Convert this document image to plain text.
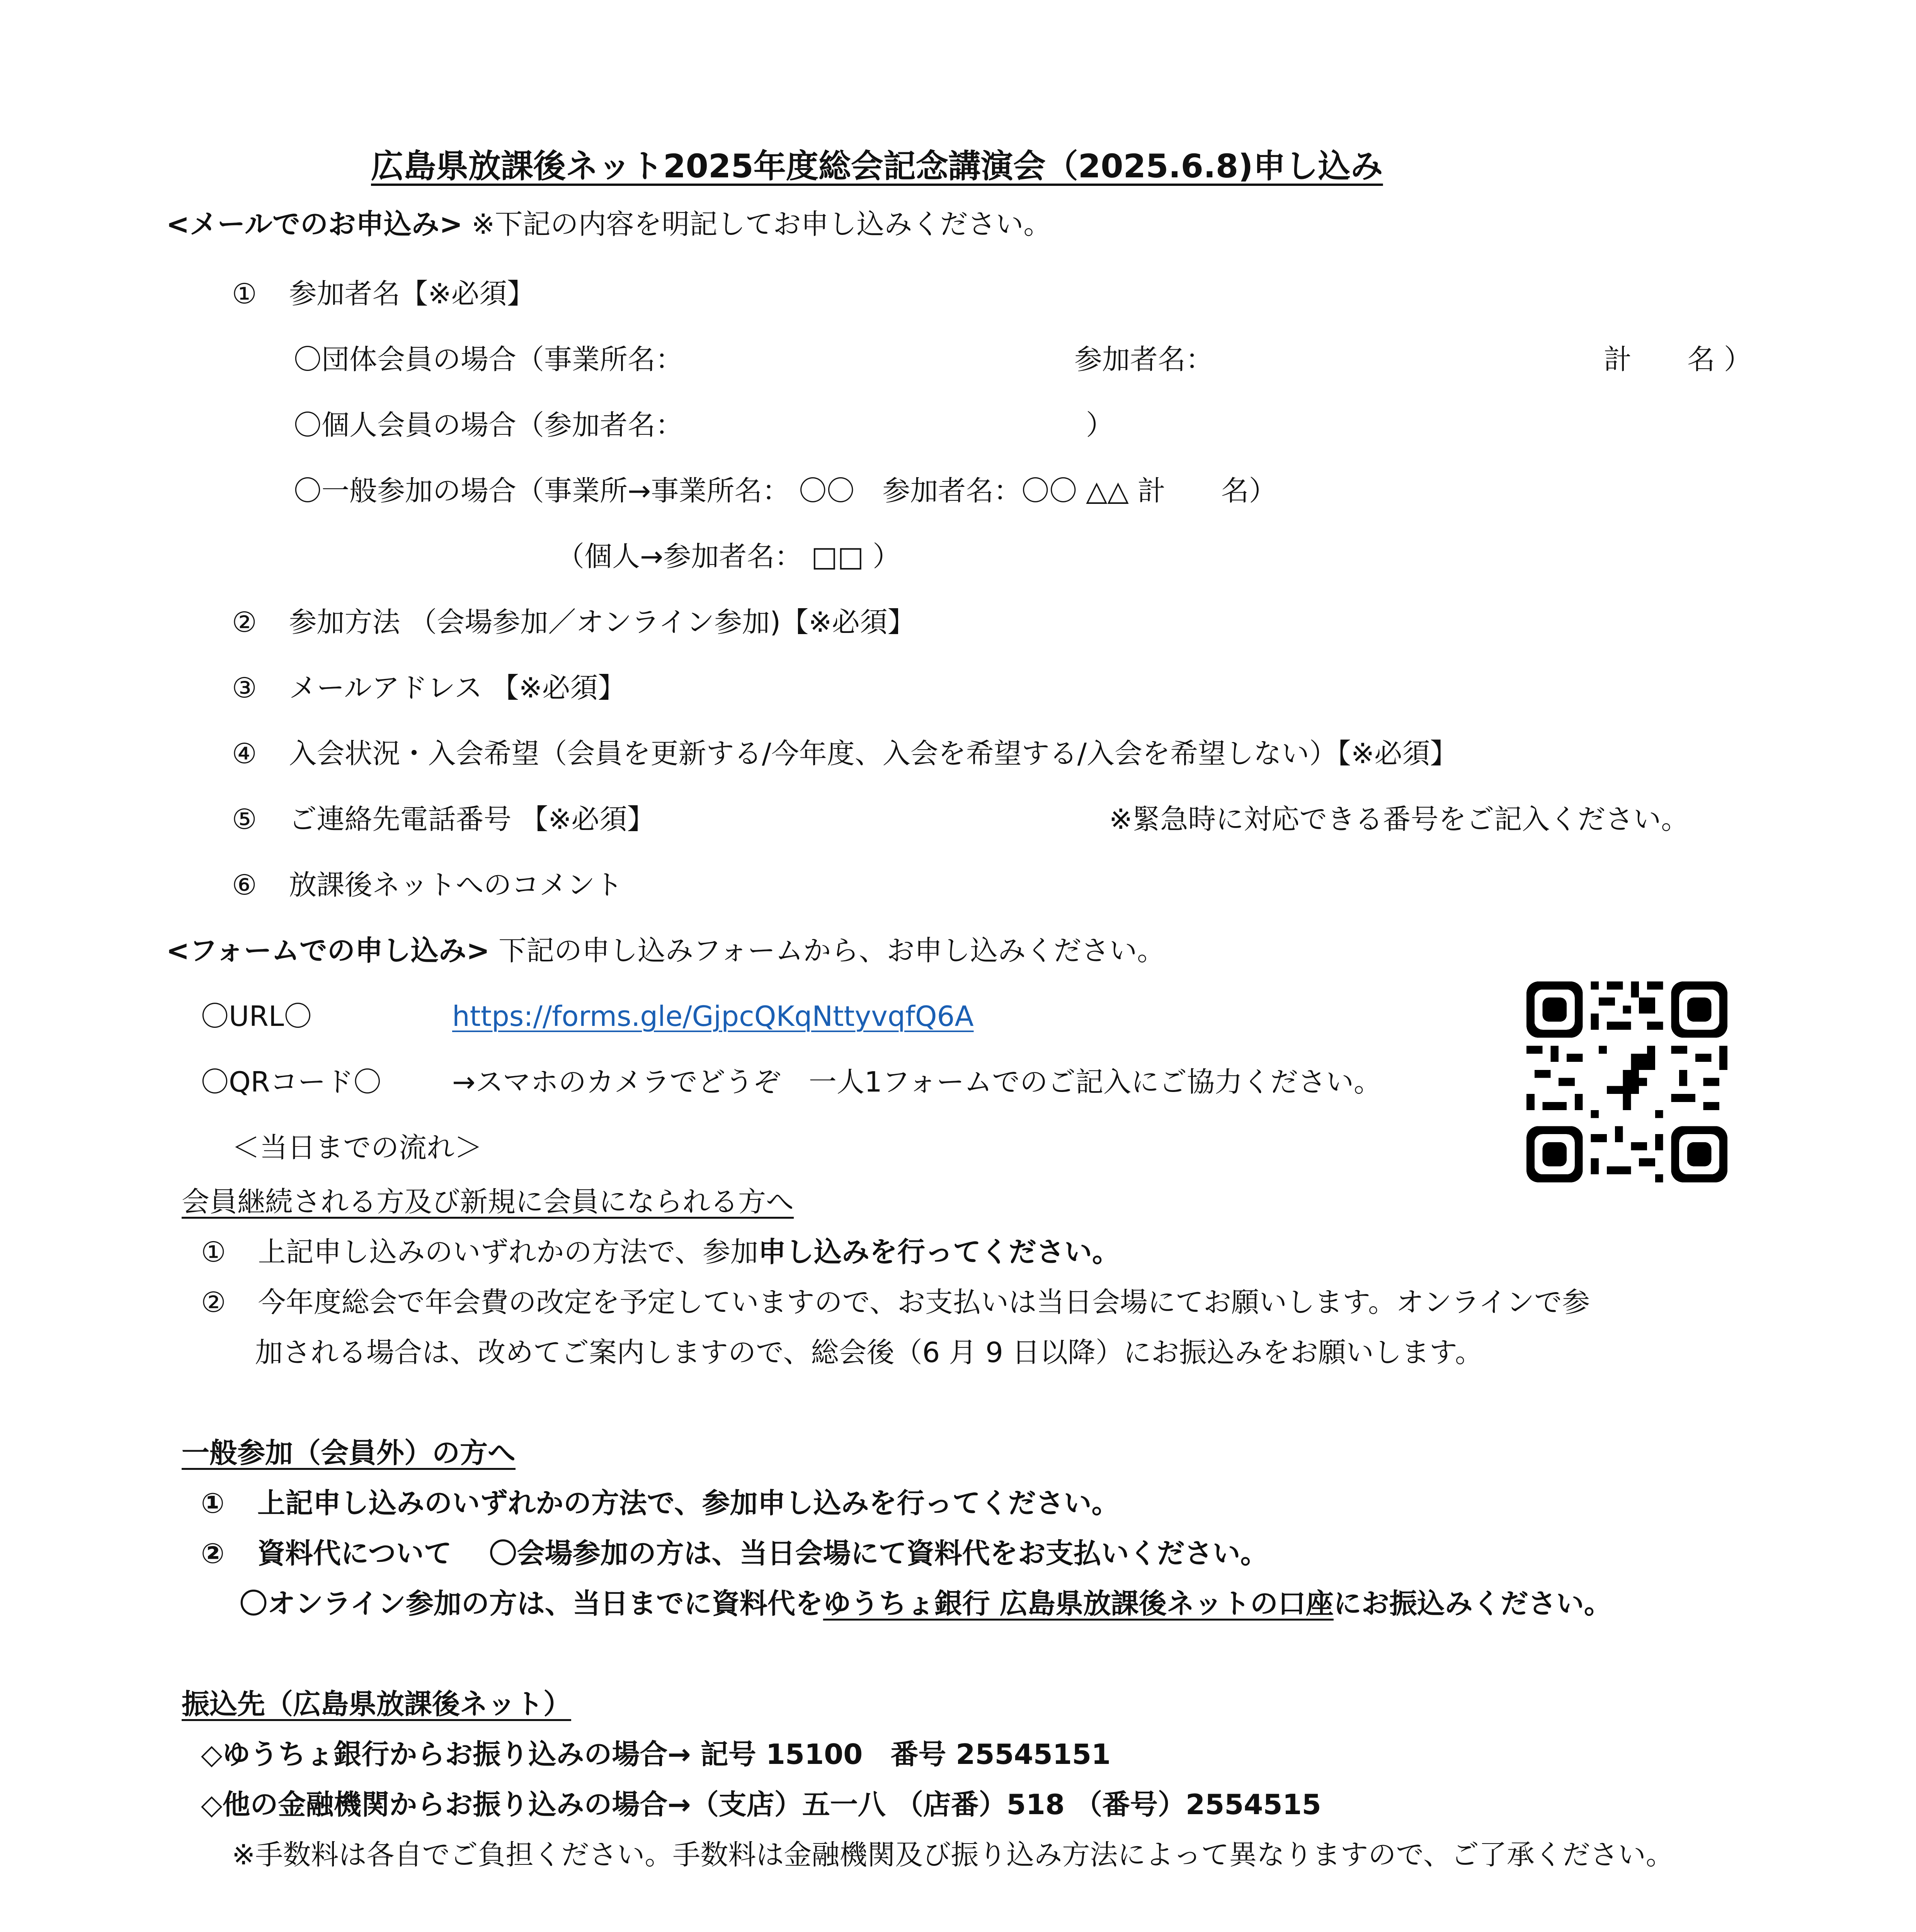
広島県放課後ネット2025年度総会記念講演会（2025.6.8)申し込み
<メールでのお申込み> ※下記の内容を明記してお申し込みください。
① 参加者名【※必須】
〇団体会員の場合（事業所名：	参加者名：	計　　名 ）
〇個人会員の場合（参加者名：	）
〇一般参加の場合（事業所→事業所名： 〇〇　参加者名：〇〇 △△ 計　　名）
（個人→参加者名： □□ ）
② 参加方法 （会場参加／オンライン参加)【※必須】
③ メールアドレス 【※必須】
④ 入会状況・入会希望（会員を更新する/今年度、入会を希望する/入会を希望しない）【※必須】
⑤ ご連絡先電話番号 【※必須】	※緊急時に対応できる番号をご記入ください。
⑥ 放課後ネットへのコメント
<フォームでの申し込み> 下記の申し込みフォームから、お申し込みください。
〇URL〇	https://forms.gle/GjpcQKqNttyvqfQ6A
〇QRコード〇	→スマホのカメラでどうぞ　一人1フォームでのご記入にご協力ください。
＜当日までの流れ＞
会員継続される方及び新規に会員になられる方へ
① 上記申し込みのいずれかの方法で、参加申し込みを行ってください。
② 今年度総会で年会費の改定を予定していますので、お支払いは当日会場にてお願いします。オンラインで参
加される場合は、改めてご案内しますので、総会後（6 月 9 日以降）にお振込みをお願いします。
一般参加（会員外）の方へ
① 上記申し込みのいずれかの方法で、参加申し込みを行ってください。
② 資料代について　 〇会場参加の方は、当日会場にて資料代をお支払いください。
〇オンライン参加の方は、当日までに資料代をゆうちょ銀行 広島県放課後ネットの口座にお振込みください。
振込先（広島県放課後ネット）
◇ゆうちょ銀行からお振り込みの場合→ 記号 15100　番号 25545151
◇他の金融機関からお振り込みの場合→（支店）五一八 （店番）518 （番号）2554515
※手数料は各自でご負担ください。手数料は金融機関及び振り込み方法によって異なりますので、ご了承ください。
